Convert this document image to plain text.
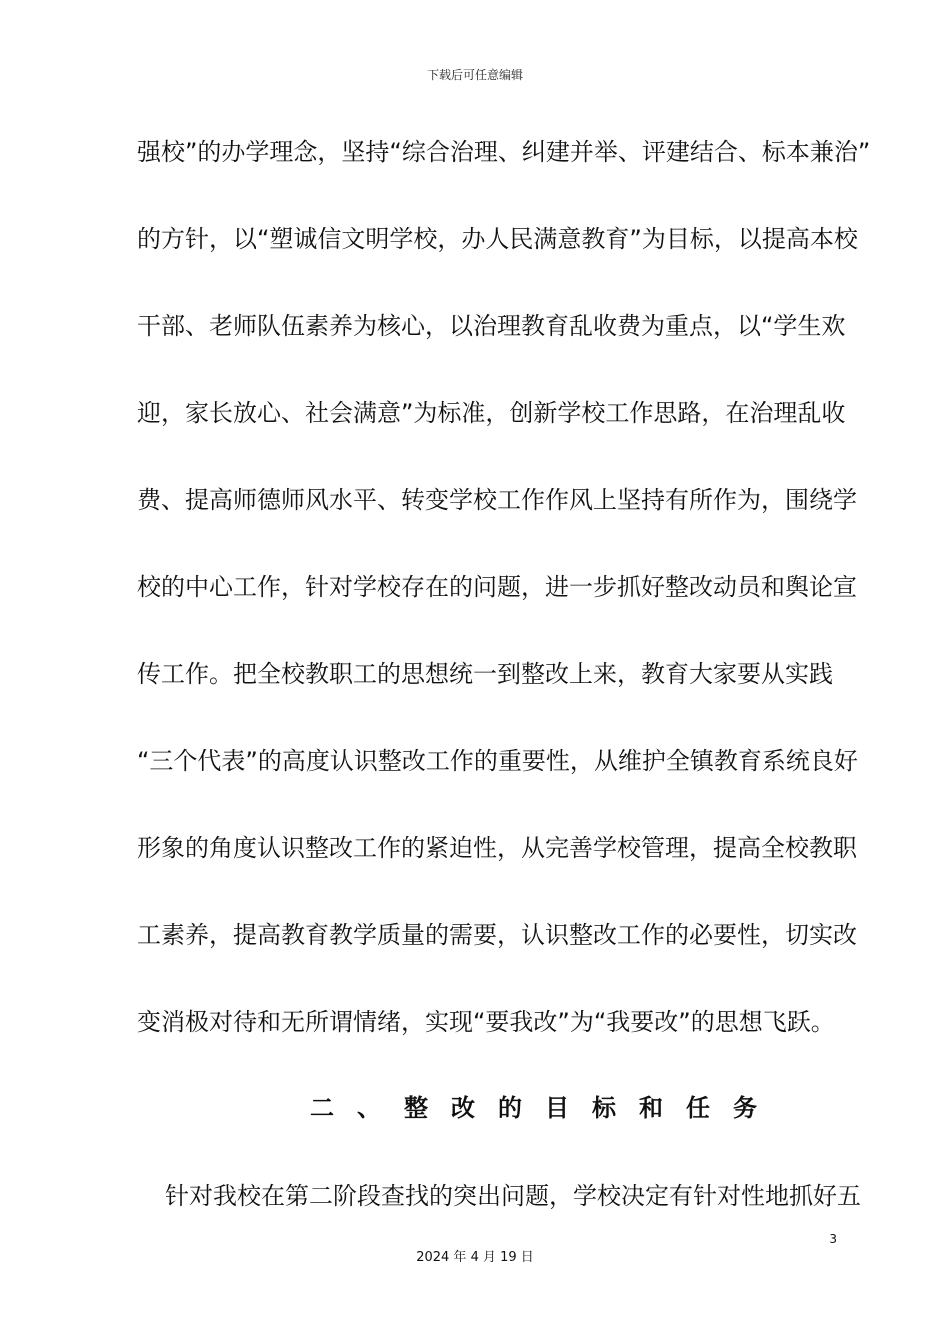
下载后可任意编辑
强校”的办学理念，坚持“综合治理、纠建并举、评建结合、标本兼治”
的方针，以“塑诚信文明学校，办人民满意教育”为目标，以提高本校
干部、老师队伍素养为核心，以治理教育乱收费为重点，以“学生欢
迎，家长放心、社会满意”为标准，创新学校工作思路，在治理乱收
费、提高师德师风水平、转变学校工作作风上坚持有所作为，围绕学
校的中心工作，针对学校存在的问题，进一步抓好整改动员和舆论宣
传工作。把全校教职工的思想统一到整改上来，教育大家要从实践
“三个代表”的高度认识整改工作的重要性，从维护全镇教育系统良好
形象的角度认识整改工作的紧迫性，从完善学校管理，提高全校教职
工素养，提高教育教学质量的需要，认识整改工作的必要性，切实改
变消极对待和无所谓情绪，实现“要我改”为“我要改”的思想飞跃。
二、整改的目标和任务
针对我校在第二阶段查找的突出问题，学校决定有针对性地抓好五
3
2024 年 4 月 19 日
